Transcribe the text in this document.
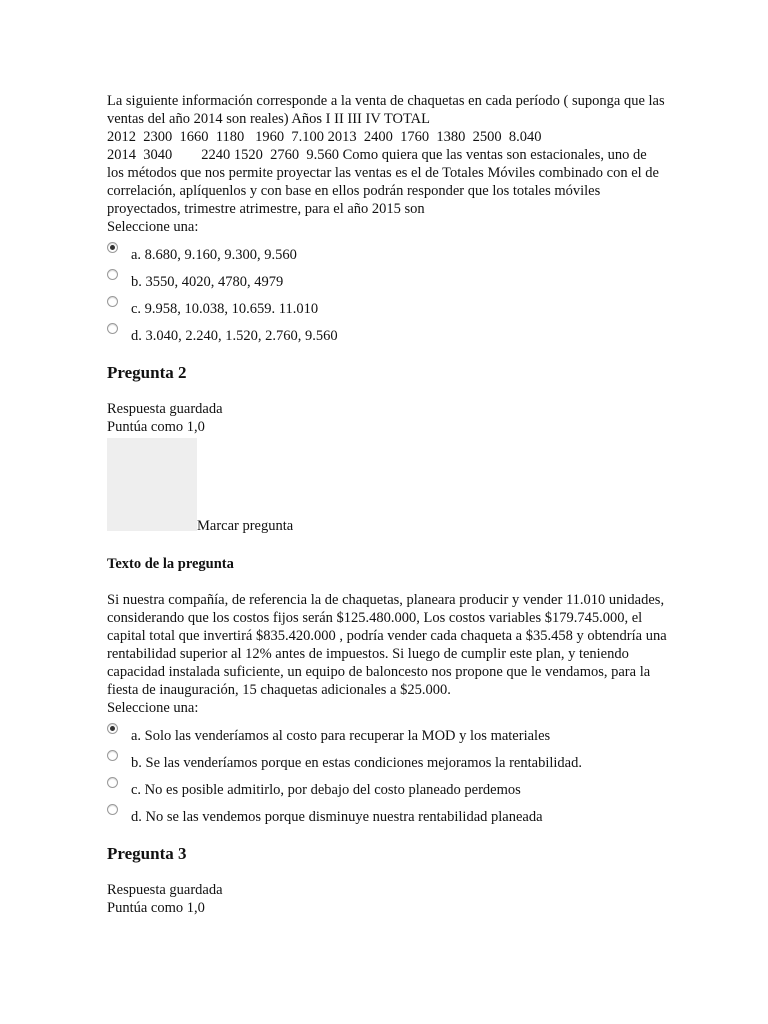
La siguiente información corresponde a la venta de chaquetas en cada período ( suponga que las ventas del año 2014 son reales) Años I II III IV TOTAL
2012  2300  1660  1180   1960  7.100 2013  2400  1760  1380  2500  8.040
2014  3040        2240 1520  2760  9.560 Como quiera que las ventas son estacionales, uno de los métodos que nos permite proyectar las ventas es el de Totales Móviles combinado con el de correlación, aplíquenlos y con base en ellos podrán responder que los totales móviles proyectados, trimestre atrimestre, para el año 2015 son

Seleccione una:

a. 8.680, 9.160, 9.300, 9.560
b. 3550, 4020, 4780, 4979
c. 9.958, 10.038, 10.659. 11.010
d. 3.040, 2.240, 1.520, 2.760, 9.560
Pregunta 2

Respuesta guardada

Puntúa como 1,0

Marcar pregunta

Texto de la pregunta

Si nuestra compañía, de referencia la de chaquetas, planeara producir y vender 11.010 unidades, considerando que los costos fijos serán $125.480.000, Los costos variables $179.745.000, el capital total que invertirá $835.420.000 , podría vender cada chaqueta a $35.458 y obtendría una rentabilidad superior al 12% antes de impuestos. Si luego de cumplir este plan, y teniendo capacidad instalada suficiente, un equipo de baloncesto nos propone que le vendamos, para la fiesta de inauguración, 15 chaquetas adicionales a $25.000.

Seleccione una:

a. Solo las venderíamos al costo para recuperar la MOD y los materiales
b. Se las venderíamos porque en estas condiciones mejoramos la rentabilidad.
c. No es posible admitirlo, por debajo del costo planeado perdemos
d. No se las vendemos porque disminuye nuestra rentabilidad planeada
Pregunta 3

Respuesta guardada

Puntúa como 1,0
